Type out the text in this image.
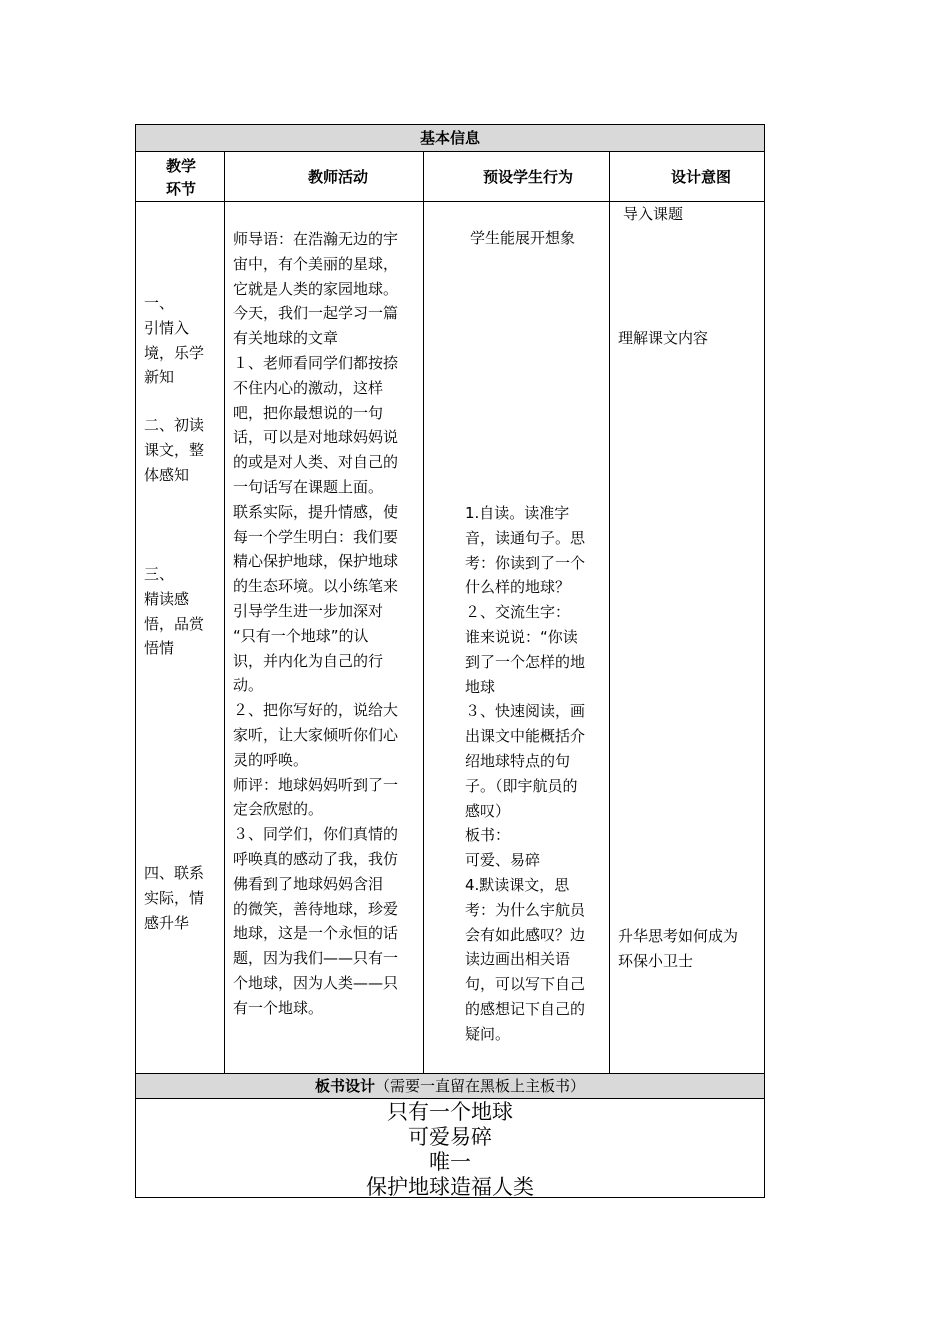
基本信息
教学
环节
教师活动	预设学生行为	设计意图
一、
引情入
境，乐学
新知
二、初读
课文，整
体感知
三、
精读感
悟，品赏
悟情
四、联系
实际，情
感升华
师导语：在浩瀚无边的宇
宙中，有个美丽的星球，
它就是人类的家园地球。
今天，我们一起学习一篇
有关地球的文章
１、老师看同学们都按捺
不住内心的激动，这样
吧，把你最想说的一句
话，可以是对地球妈妈说
的或是对人类、对自己的
一句话写在课题上面。
联系实际，提升情感，使
每一个学生明白：我们要
精心保护地球，保护地球
的生态环境。以小练笔来
引导学生进一步加深对
“只有一个地球”的认
识，并内化为自己的行
动。
２、把你写好的，说给大
家听，让大家倾听你们心
灵的呼唤。
师评：地球妈妈听到了一
定会欣慰的。
３、同学们，你们真情的
呼唤真的感动了我，我仿
佛看到了地球妈妈含泪
的微笑，善待地球，珍爱
地球，这是一个永恒的话
题，因为我们——只有一
个地球，因为人类——只
有一个地球。
学生能展开想象
1.自读。读准字
音，读通句子。思
考：你读到了一个
什么样的地球？
２、交流生字：
谁来说说：“你读
到了一个怎样的地
地球
３、快速阅读，画
出课文中能概括介
绍地球特点的句
子。（即宇航员的
感叹）
板书：
可爱、易碎
4.默读课文，思
考：为什么宇航员
会有如此感叹？边
读边画出相关语
句，可以写下自己
的感想记下自己的
疑问。
导入课题
理解课文内容
升华思考如何成为
环保小卫士
板书设计（需要一直留在黑板上主板书）
只有一个地球
可爱易碎
唯一
保护地球造福人类
